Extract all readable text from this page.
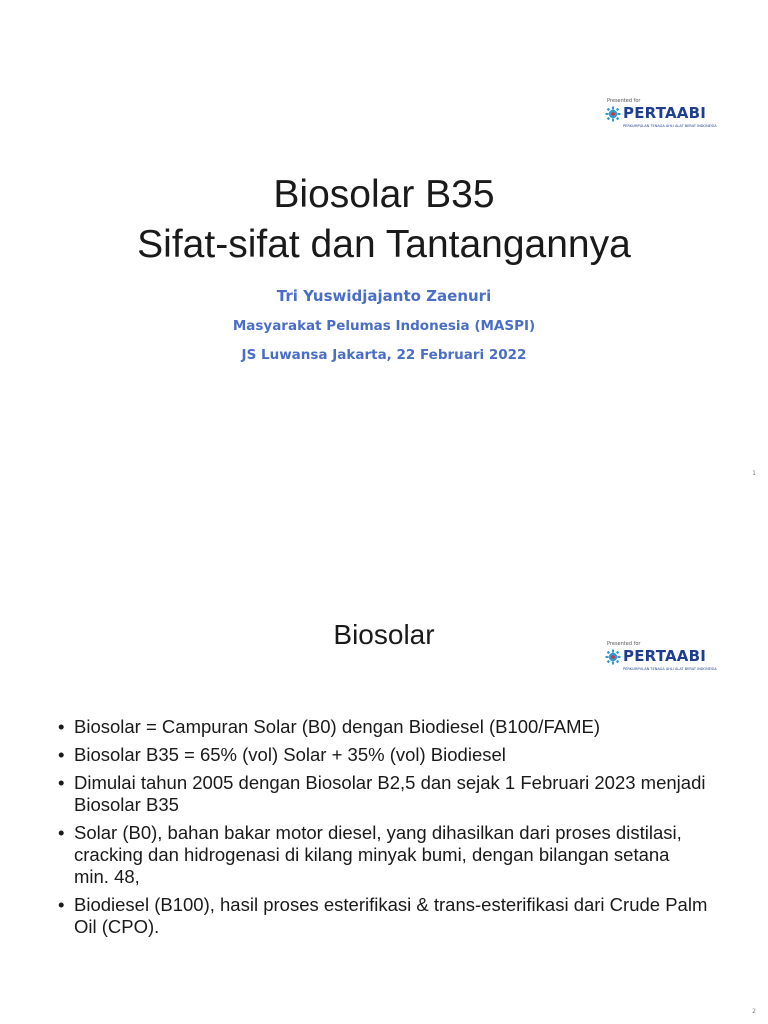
Presented for
PERTAABI
PERKUMPULAN TENAGA AHLI ALAT BERAT INDONESIA
Biosolar B35
Sifat-sifat dan Tantangannya
Tri Yuswidjajanto Zaenuri
Masyarakat Pelumas Indonesia (MASPI)
JS Luwansa Jakarta, 22 Februari 2022
1
Presented for
PERTAABI
PERKUMPULAN TENAGA AHLI ALAT BERAT INDONESIA
Biosolar
• Biosolar = Campuran Solar (B0) dengan Biodiesel (B100/FAME)
• Biosolar B35 = 65% (vol) Solar + 35% (vol) Biodiesel
• Dimulai tahun 2005 dengan Biosolar B2,5 dan sejak 1 Februari 2023 menjadi Biosolar B35
• Solar (B0), bahan bakar motor diesel, yang dihasilkan dari proses distilasi, cracking dan hidrogenasi di kilang minyak bumi, dengan bilangan setana min. 48,
• Biodiesel (B100), hasil proses esterifikasi & trans-esterifikasi dari Crude Palm Oil (CPO).
2
